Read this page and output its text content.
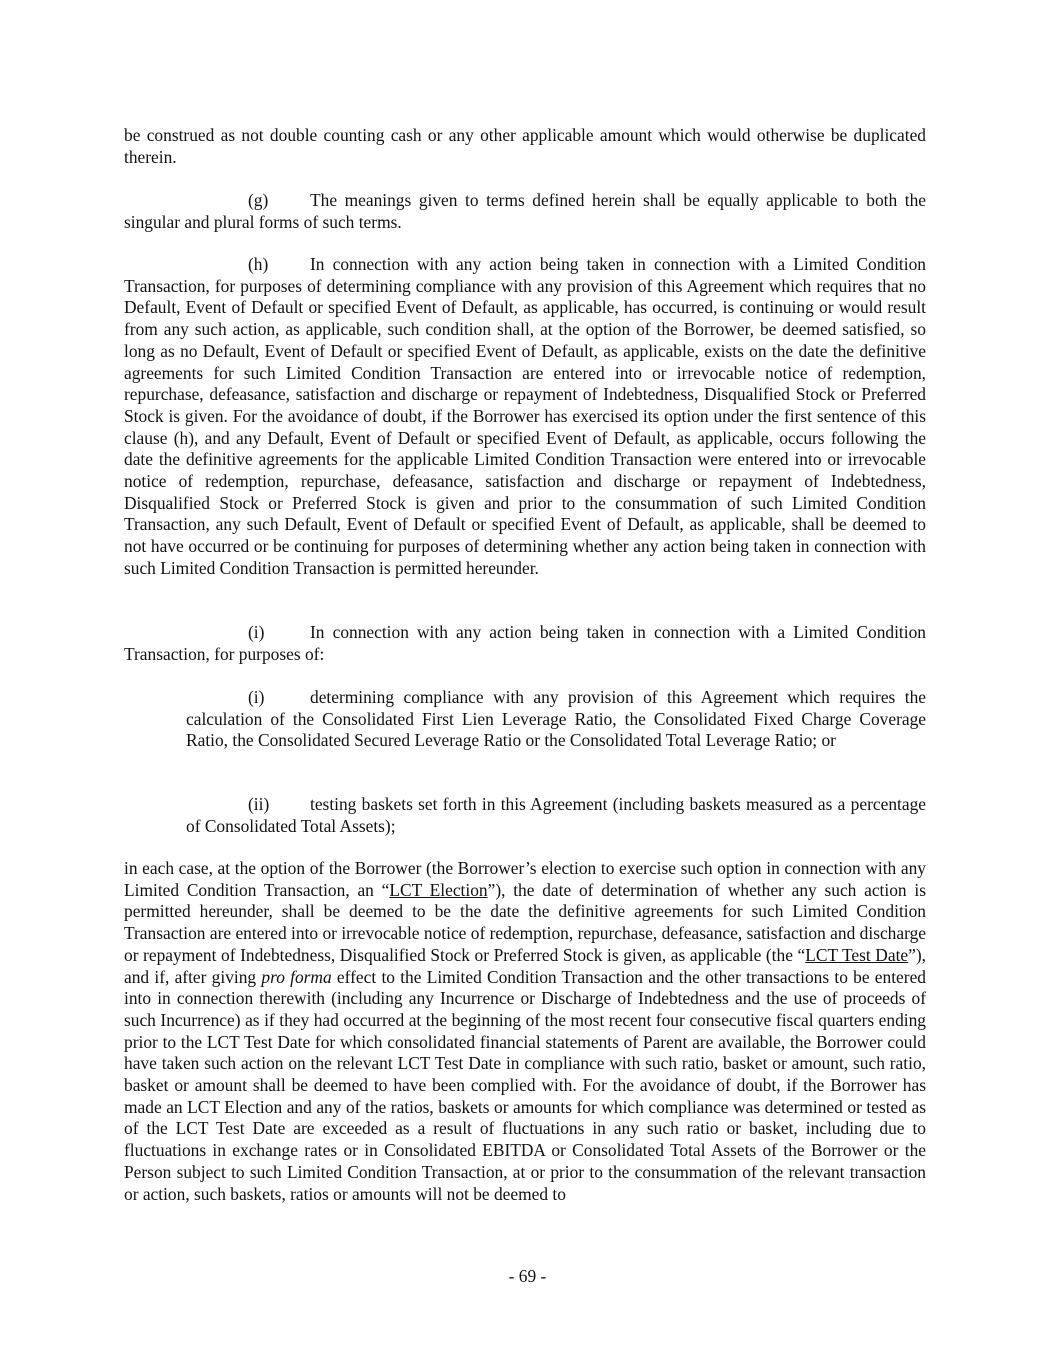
be construed as not double counting cash or any other applicable amount which would otherwise be duplicated therein.
(g) The meanings given to terms defined herein shall be equally applicable to both the singular and plural forms of such terms.
(h) In connection with any action being taken in connection with a Limited Condition Transaction, for purposes of determining compliance with any provision of this Agreement which requires that no Default, Event of Default or specified Event of Default, as applicable, has occurred, is continuing or would result from any such action, as applicable, such condition shall, at the option of the Borrower, be deemed satisfied, so long as no Default, Event of Default or specified Event of Default, as applicable, exists on the date the definitive agreements for such Limited Condition Transaction are entered into or irrevocable notice of redemption, repurchase, defeasance, satisfaction and discharge or repayment of Indebtedness, Disqualified Stock or Preferred Stock is given. For the avoidance of doubt, if the Borrower has exercised its option under the first sentence of this clause (h), and any Default, Event of Default or specified Event of Default, as applicable, occurs following the date the definitive agreements for the applicable Limited Condition Transaction were entered into or irrevocable notice of redemption, repurchase, defeasance, satisfaction and discharge or repayment of Indebtedness, Disqualified Stock or Preferred Stock is given and prior to the consummation of such Limited Condition Transaction, any such Default, Event of Default or specified Event of Default, as applicable, shall be deemed to not have occurred or be continuing for purposes of determining whether any action being taken in connection with such Limited Condition Transaction is permitted hereunder.
(i)	In connection with any action being taken in connection with a Limited Condition Transaction, for purposes of:
(i)	determining compliance with any provision of this Agreement which requires the calculation of the Consolidated First Lien Leverage Ratio, the Consolidated Fixed Charge Coverage Ratio, the Consolidated Secured Leverage Ratio or the Consolidated Total Leverage Ratio; or
(ii) testing baskets set forth in this Agreement (including baskets measured as a percentage of Consolidated Total Assets);
in each case, at the option of the Borrower (the Borrower’s election to exercise such option in connection with any Limited Condition Transaction, an “LCT Election”), the date of determination of whether any such action is permitted hereunder, shall be deemed to be the date the definitive agreements for such Limited Condition Transaction are entered into or irrevocable notice of redemption, repurchase, defeasance, satisfaction and discharge or repayment of Indebtedness, Disqualified Stock or Preferred Stock is given, as applicable (the “LCT Test Date”), and if, after giving pro forma effect to the Limited Condition Transaction and the other transactions to be entered into in connection therewith (including any Incurrence or Discharge of Indebtedness and the use of proceeds of such Incurrence) as if they had occurred at the beginning of the most recent four consecutive fiscal quarters ending prior to the LCT Test Date for which consolidated financial statements of Parent are available, the Borrower could have taken such action on the relevant LCT Test Date in compliance with such ratio, basket or amount, such ratio, basket or amount shall be deemed to have been complied with. For the avoidance of doubt, if the Borrower has made an LCT Election and any of the ratios, baskets or amounts for which compliance was determined or tested as of the LCT Test Date are exceeded as a result of fluctuations in any such ratio or basket, including due to fluctuations in exchange rates or in Consolidated EBITDA or Consolidated Total Assets of the Borrower or the Person subject to such Limited Condition Transaction, at or prior to the consummation of the relevant transaction or action, such baskets, ratios or amounts will not be deemed to
- 69 -
